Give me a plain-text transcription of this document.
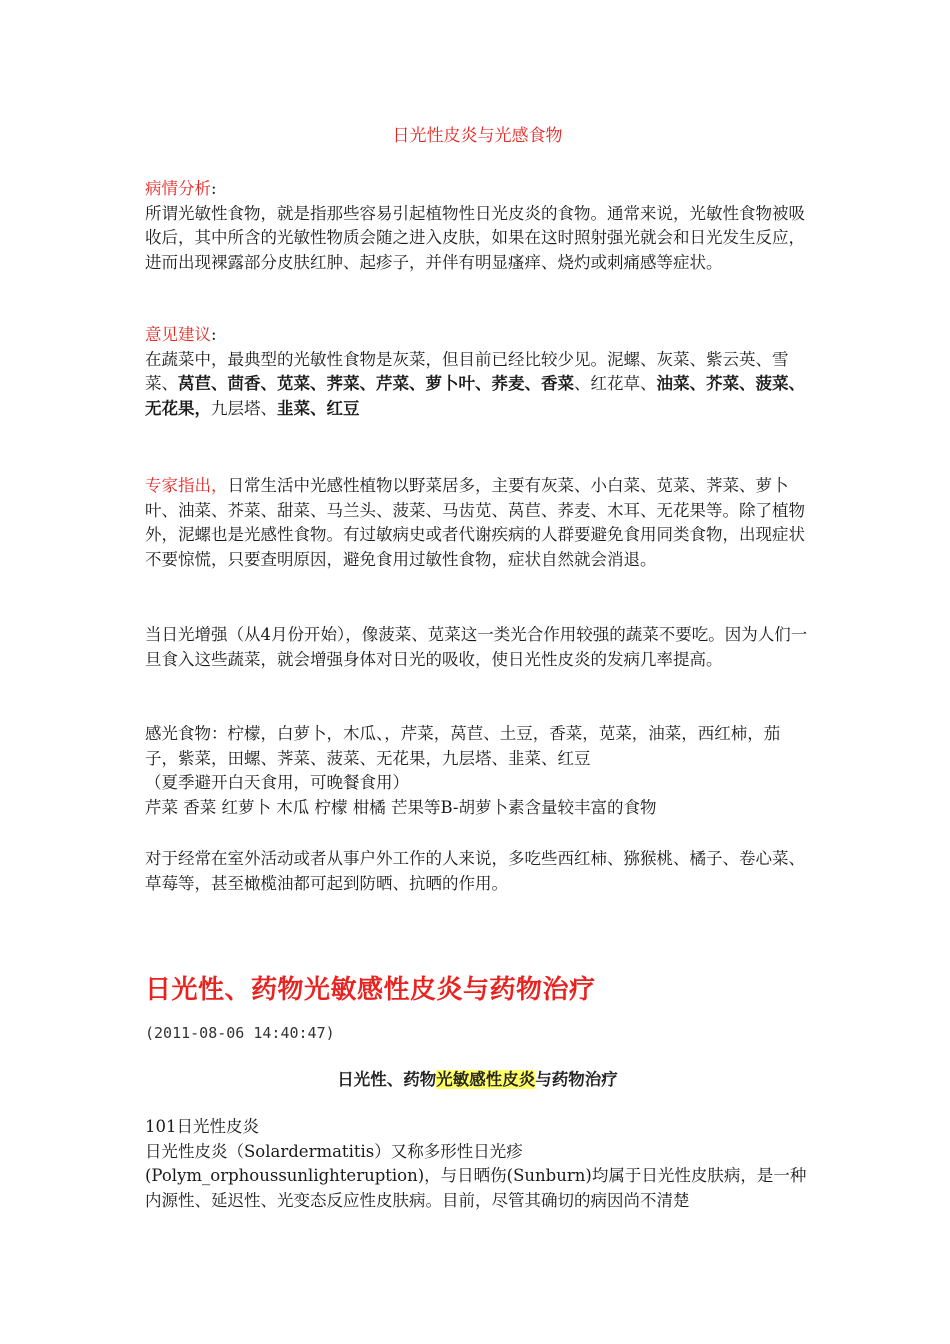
日光性皮炎与光感食物

病情分析:

所谓光敏性食物，就是指那些容易引起植物性日光皮炎的食物。通常来说，光敏性食物被吸收后，其中所含的光敏性物质会随之进入皮肤，如果在这时照射强光就会和日光发生反应，进而出现裸露部分皮肤红肿、起疹子，并伴有明显瘙痒、烧灼或刺痛感等症状。

意见建议:

在蔬菜中，最典型的光敏性食物是灰菜，但目前已经比较少见。泥螺、灰菜、紫云英、雪菜、莴苣、茴香、苋菜、荠菜、芹菜、萝卜叶、荞麦、香菜、红花草、油菜、芥菜、菠菜、无花果，九层塔、韭菜、红豆

专家指出，日常生活中光感性植物以野菜居多，主要有灰菜、小白菜、苋菜、荠菜、萝卜叶、油菜、芥菜、甜菜、马兰头、菠菜、马齿苋、莴苣、荞麦、木耳、无花果等。除了植物外，泥螺也是光感性食物。有过敏病史或者代谢疾病的人群要避免食用同类食物，出现症状不要惊慌，只要查明原因，避免食用过敏性食物，症状自然就会消退。

当日光增强（从4月份开始），像菠菜、苋菜这一类光合作用较强的蔬菜不要吃。因为人们一旦食入这些蔬菜，就会增强身体对日光的吸收，使日光性皮炎的发病几率提高。

感光食物：柠檬，白萝卜，木瓜、，芹菜，莴苣、土豆，香菜，苋菜，油菜，西红柿，茄子，紫菜，田螺、荠菜、菠菜、无花果，九层塔、韭菜、红豆

（夏季避开白天食用，可晚餐食用）

芹菜 香菜 红萝卜 木瓜 柠檬 柑橘 芒果等B-胡萝卜素含量较丰富的食物

对于经常在室外活动或者从事户外工作的人来说，多吃些西红柿、猕猴桃、橘子、卷心菜、草莓等，甚至橄榄油都可起到防晒、抗晒的作用。

日光性、药物光敏感性皮炎与药物治疗
(2011-08-06 14:40:47)
日光性、药物光敏感性皮炎与药物治疗

101日光性皮炎

日光性皮炎（Solardermatitis）又称多形性日光疹

(Polym_orphoussunlighteruption)，与日晒伤(Sunburn)均属于日光性皮肤病，是一种内源性、延迟性、光变态反应性皮肤病。目前，尽管其确切的病因尚不清楚
